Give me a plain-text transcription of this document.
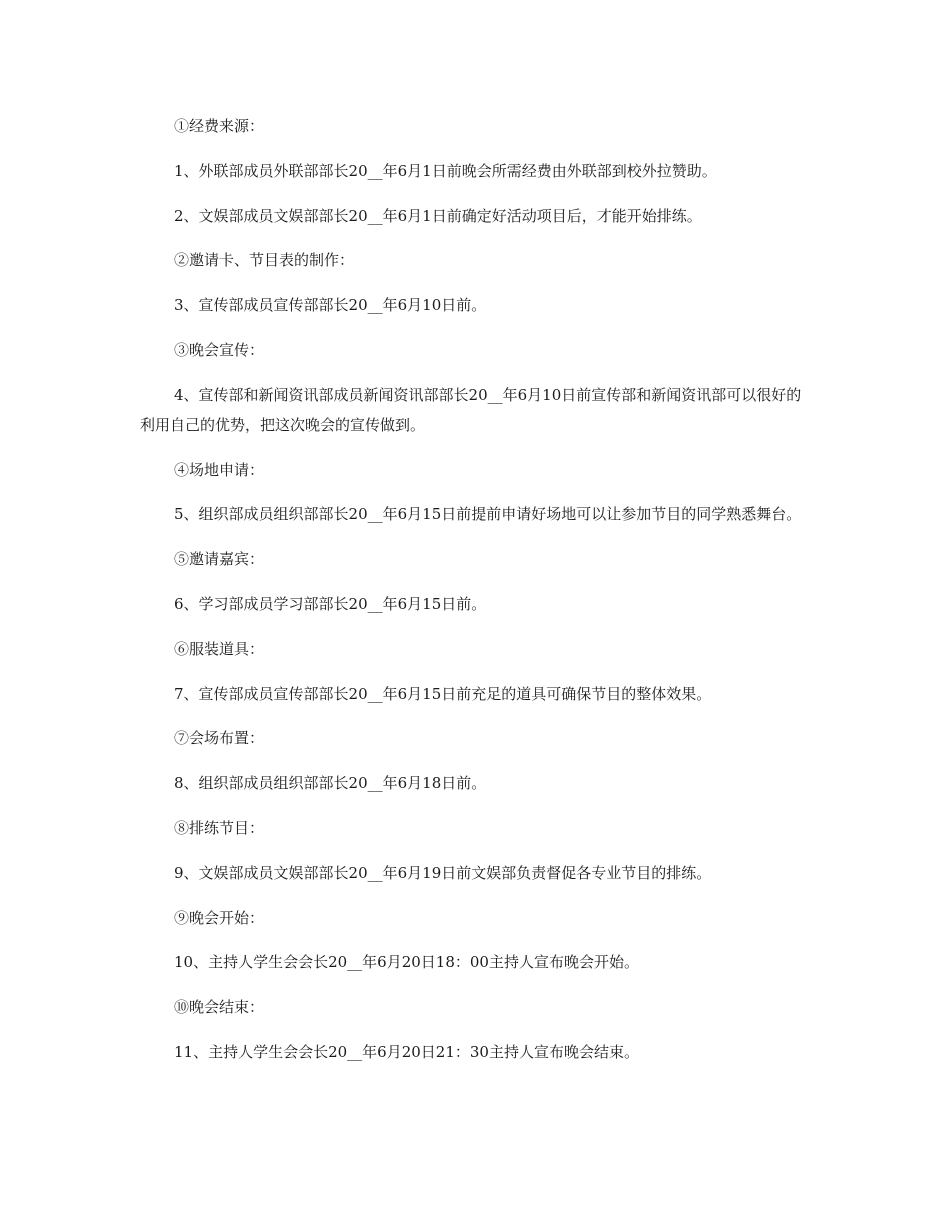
①经费来源：

1、外联部成员外联部部长20__年6月1日前晚会所需经费由外联部到校外拉赞助。

2、文娱部成员文娱部部长20__年6月1日前确定好活动项目后，才能开始排练。

②邀请卡、节目表的制作：

3、宣传部成员宣传部部长20__年6月10日前。

③晚会宣传：

4、宣传部和新闻资讯部成员新闻资讯部部长20__年6月10日前宣传部和新闻资讯部可以很好的利用自己的优势，把这次晚会的宣传做到。

④场地申请：

5、组织部成员组织部部长20__年6月15日前提前申请好场地可以让参加节目的同学熟悉舞台。

⑤邀请嘉宾：

6、学习部成员学习部部长20__年6月15日前。

⑥服装道具：

7、宣传部成员宣传部部长20__年6月15日前充足的道具可确保节目的整体效果。

⑦会场布置：

8、组织部成员组织部部长20__年6月18日前。

⑧排练节目：

9、文娱部成员文娱部部长20__年6月19日前文娱部负责督促各专业节目的排练。

⑨晚会开始：

10、主持人学生会会长20__年6月20日18：00主持人宣布晚会开始。

⑩晚会结束：

11、主持人学生会会长20__年6月20日21：30主持人宣布晚会结束。
